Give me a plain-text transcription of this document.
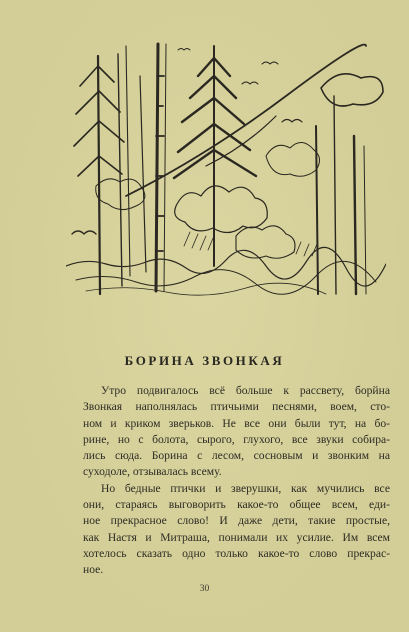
БОРИНА ЗВОНКАЯ
Утро подвигалось всё больше к рассвету, борйна
Звонкая наполнялась птичьими песнями, воем, сто-
ном и криком зверьков. Не все они были тут, на бо-
рине, но с болота, сырого, глухого, все звуки собира-
лись сюда. Борина с лесом, сосновым и звонким на
суходоле, отзывалась всему.
Но бедные птички и зверушки, как мучились все
они, стараясь выговорить какое-то общее всем, еди-
ное прекрасное слово! И даже дети, такие простые,
как Настя и Митраша, понимали их усилие. Им всем
хотелось сказать одно только какое-то слово прекрас-
ное.
30
